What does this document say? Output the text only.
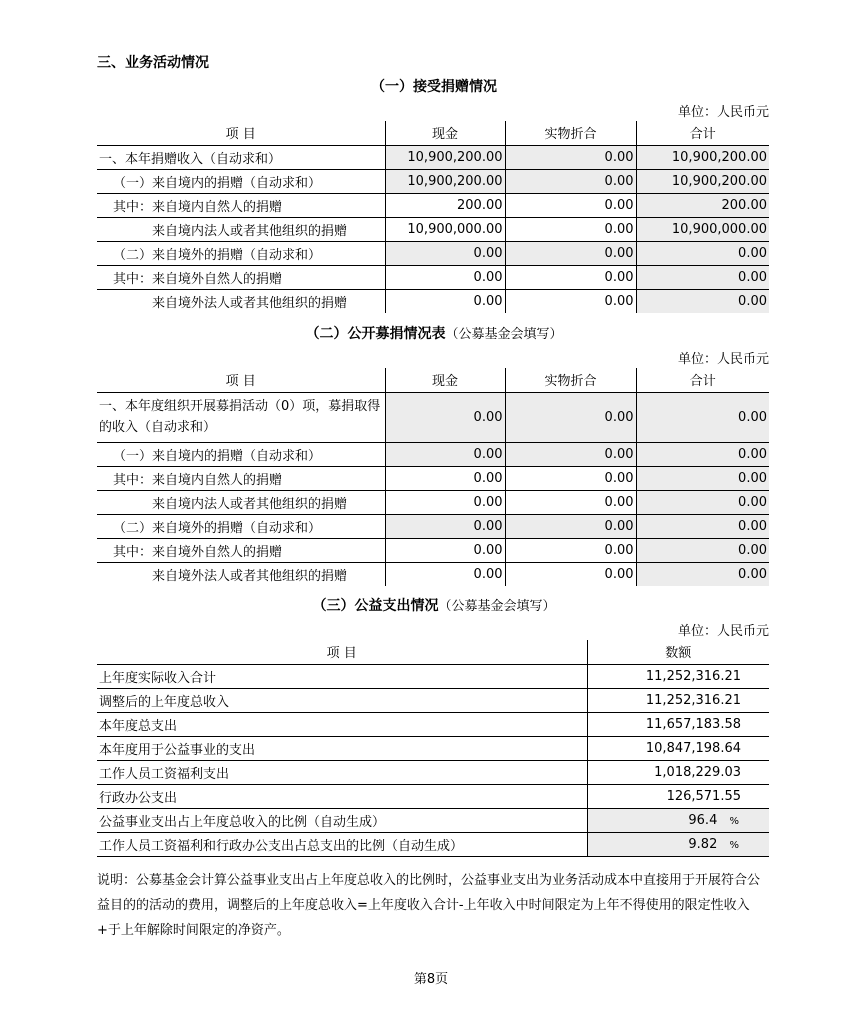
三、业务活动情况
（一）接受捐赠情况
单位：人民币元
项 目	现金	实物折合	合计
一、本年捐赠收入（自动求和）	10,900,200.00	0.00	10,900,200.00
（一）来自境内的捐赠（自动求和）	10,900,200.00	0.00	10,900,200.00
其中：来自境内自然人的捐赠	200.00	0.00	200.00
来自境内法人或者其他组织的捐赠	10,900,000.00	0.00	10,900,000.00
（二）来自境外的捐赠（自动求和）	0.00	0.00	0.00
其中：来自境外自然人的捐赠	0.00	0.00	0.00
来自境外法人或者其他组织的捐赠	0.00	0.00	0.00
（二）公开募捐情况表（公募基金会填写）
单位：人民币元
项 目	现金	实物折合	合计
一、本年度组织开展募捐活动（0）项，募捐取得的收入（自动求和）	0.00	0.00	0.00
（一）来自境内的捐赠（自动求和）	0.00	0.00	0.00
其中：来自境内自然人的捐赠	0.00	0.00	0.00
来自境内法人或者其他组织的捐赠	0.00	0.00	0.00
（二）来自境外的捐赠（自动求和）	0.00	0.00	0.00
其中：来自境外自然人的捐赠	0.00	0.00	0.00
来自境外法人或者其他组织的捐赠	0.00	0.00	0.00
（三）公益支出情况（公募基金会填写）
单位：人民币元
项 目	数额
上年度实际收入合计	11,252,316.21
调整后的上年度总收入	11,252,316.21
本年度总支出	11,657,183.58
本年度用于公益事业的支出	10,847,198.64
工作人员工资福利支出	1,018,229.03
行政办公支出	126,571.55
公益事业支出占上年度总收入的比例（自动生成）	96.4 %
工作人员工资福利和行政办公支出占总支出的比例（自动生成）	9.82 %
说明：公募基金会计算公益事业支出占上年度总收入的比例时，公益事业支出为业务活动成本中直接用于开展符合公益目的的活动的费用，调整后的上年度总收入=上年度收入合计-上年收入中时间限定为上年不得使用的限定性收入+于上年解除时间限定的净资产。
第8页
